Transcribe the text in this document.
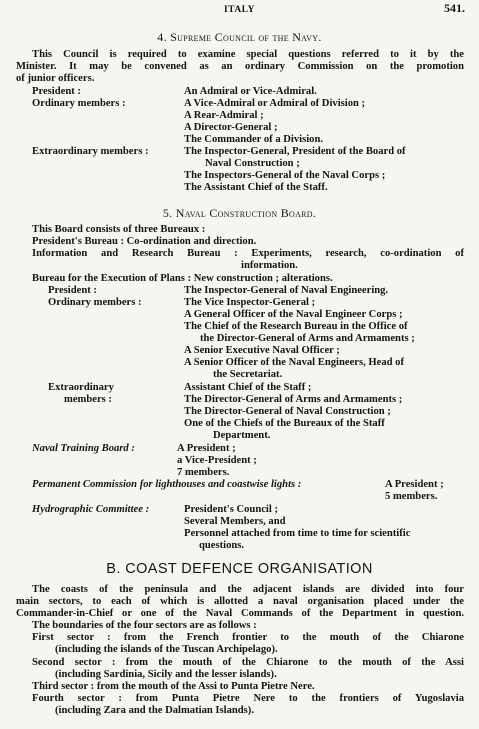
ITALY	541.
4. Supreme Council of the Navy.
This Council is required to examine special questions referred to it by the
Minister. It may be convened as an ordinary Commission on the promotion
of junior officers.
President :	An Admiral or Vice-Admiral.
Ordinary members :	A Vice-Admiral or Admiral of Division ;
A Rear-Admiral ;
A Director-General ;
The Commander of a Division.
Extraordinary members :	The Inspector-General, President of the Board of
Naval Construction ;
The Inspectors-General of the Naval Corps ;
The Assistant Chief of the Staff.
5. Naval Construction Board.
This Board consists of three Bureaux :
President's Bureau : Co-ordination and direction.
Information and Research Bureau : Experiments, research, co-ordination of
information.
Bureau for the Execution of Plans : New construction ; alterations.
President :	The Inspector-General of Naval Engineering.
Ordinary members :	The Vice Inspector-General ;
A General Officer of the Naval Engineer Corps ;
The Chief of the Research Bureau in the Office of
the Director-General of Arms and Armaments ;
A Senior Executive Naval Officer ;
A Senior Officer of the Naval Engineers, Head of
the Secretariat.
Extraordinary
members :
Assistant Chief of the Staff ;
The Director-General of Arms and Armaments ;
The Director-General of Naval Construction ;
One of the Chiefs of the Bureaux of the Staff
Department.
Naval Training Board :	A President ;
a Vice-President ;
7 members.
Permanent Commission for lighthouses and coastwise lights :	A President ;
5 members.
Hydrographic Committee :	President's Council ;
Several Members, and
Personnel attached from time to time for scientific
questions.
B. COAST DEFENCE ORGANISATION
The coasts of the peninsula and the adjacent islands are divided into four
main sectors, to each of which is allotted a naval organisation placed under the
Commander-in-Chief or one of the Naval Commands of the Department in question.
The boundaries of the four sectors are as follows :
First sector : from the French frontier to the mouth of the Chiarone
(including the islands of the Tuscan Archipelago).
Second sector : from the mouth of the Chiarone to the mouth of the Assi
(including Sardinia, Sicily and the lesser islands).
Third sector : from the mouth of the Assi to Punta Pietre Nere.
Fourth sector : from Punta Pietre Nere to the frontiers of Yugoslavia
(including Zara and the Dalmatian Islands).
